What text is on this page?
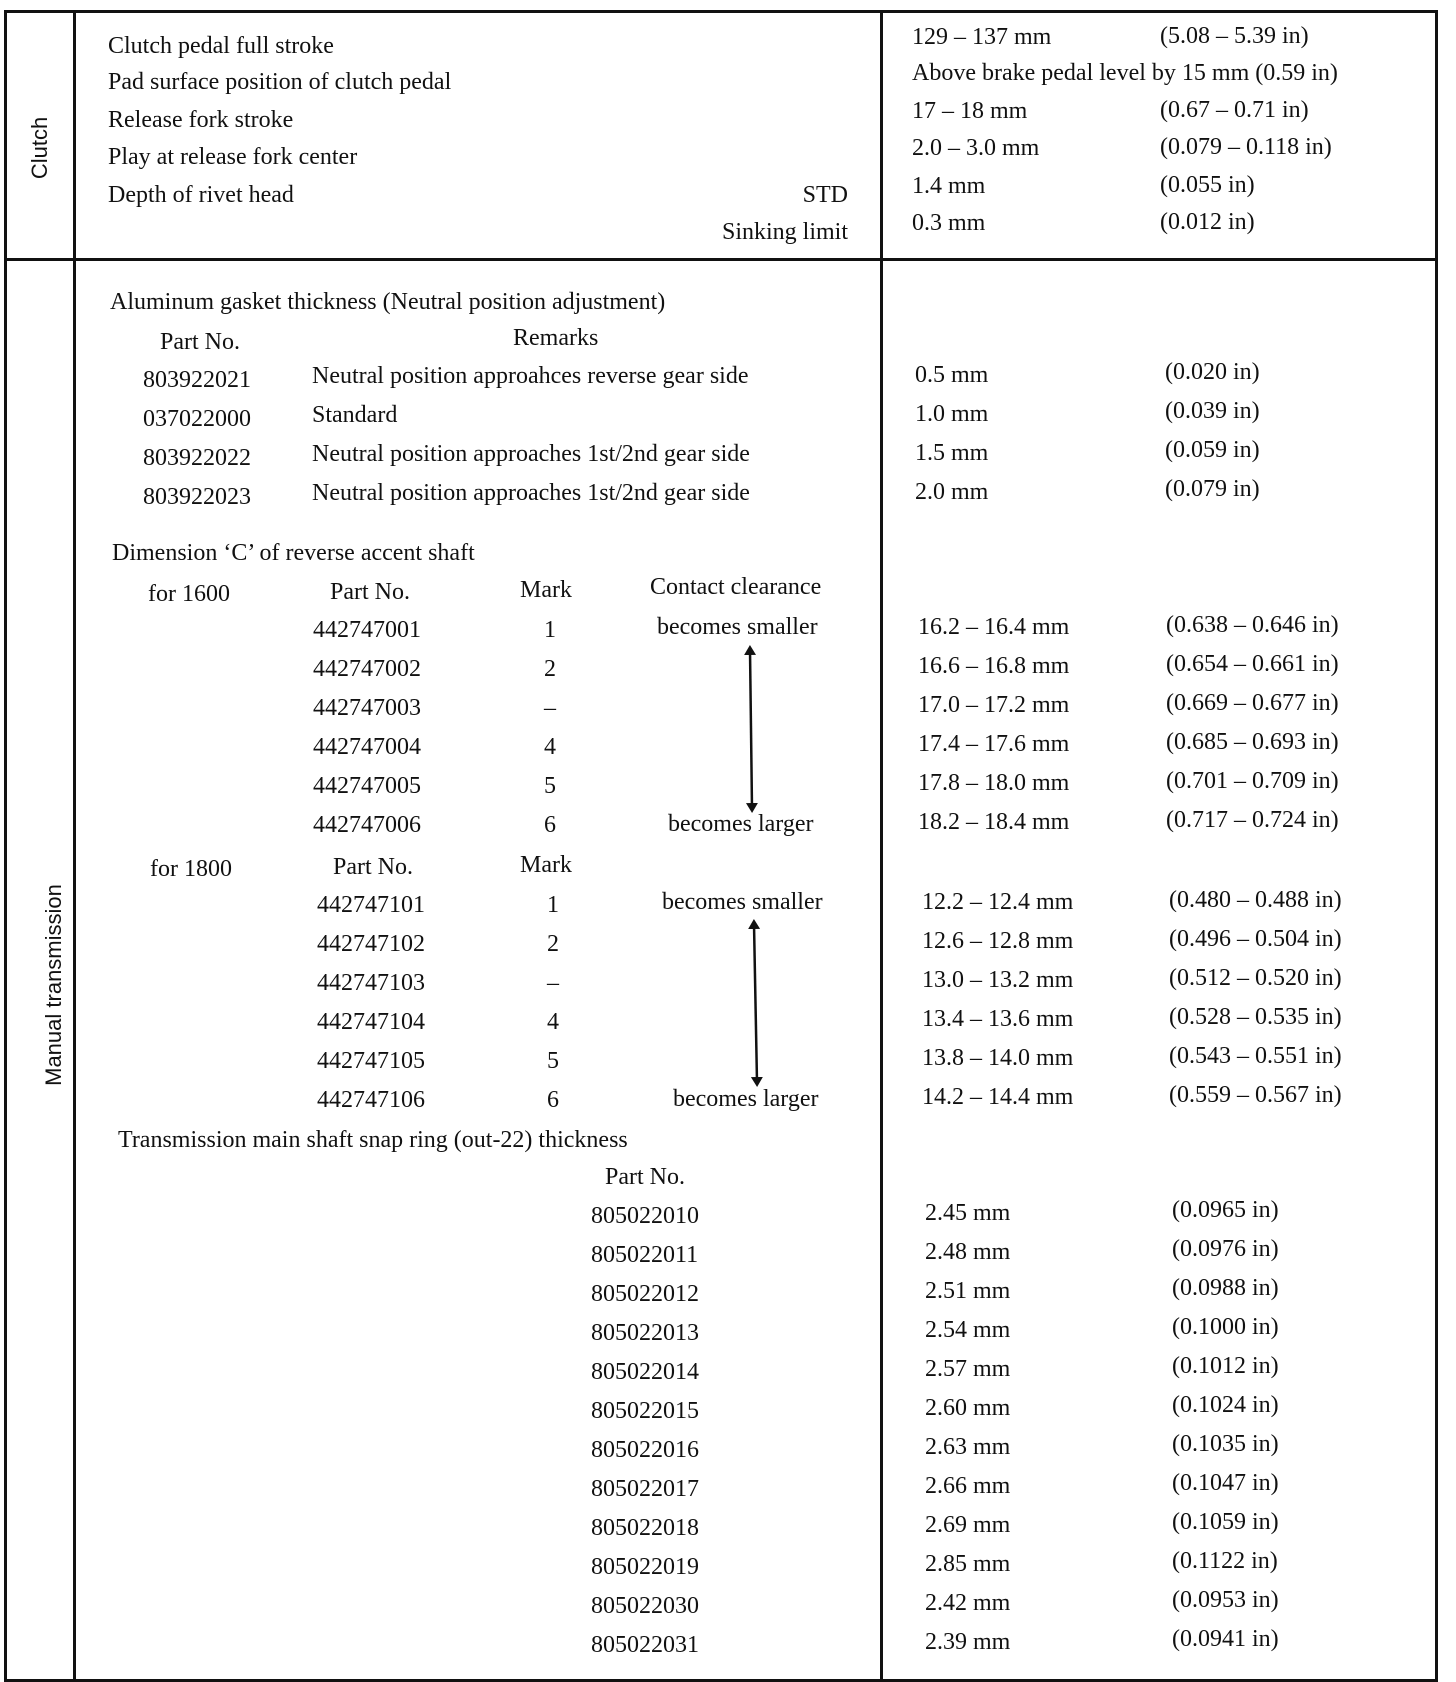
Clutch
Manual transmission
Clutch pedal full stroke	129 – 137 mm	(5.08 – 5.39 in)
Pad surface position of clutch pedal	Above brake pedal level by 15 mm (0.59 in)
Release fork stroke	17 – 18 mm	(0.67 – 0.71 in)
Play at release fork center	2.0 – 3.0 mm	(0.079 – 0.118 in)
Depth of rivet head	STD	1.4 mm	(0.055 in)
Sinking limit	0.3 mm	(0.012 in)
Aluminum gasket thickness (Neutral position adjustment)
Part No.	Remarks
803922021	Neutral position approahces reverse gear side	0.5 mm	(0.020 in)
037022000	Standard	1.0 mm	(0.039 in)
803922022	Neutral position approaches 1st/2nd gear side	1.5 mm	(0.059 in)
803922023	Neutral position approaches 1st/2nd gear side	2.0 mm	(0.079 in)
Dimension ‘C’ of reverse accent shaft
Contact clearance
for 1600	Part No.	Mark
442747001	1	16.2 – 16.4 mm	(0.638 – 0.646 in)
442747002	2	16.6 – 16.8 mm	(0.654 – 0.661 in)
442747003	–	17.0 – 17.2 mm	(0.669 – 0.677 in)
442747004	4	17.4 – 17.6 mm	(0.685 – 0.693 in)
442747005	5	17.8 – 18.0 mm	(0.701 – 0.709 in)
442747006	6	18.2 – 18.4 mm	(0.717 – 0.724 in)
becomes smaller
becomes larger
for 1800	Part No.	Mark
442747101	1	12.2 – 12.4 mm	(0.480 – 0.488 in)
442747102	2	12.6 – 12.8 mm	(0.496 – 0.504 in)
442747103	–	13.0 – 13.2 mm	(0.512 – 0.520 in)
442747104	4	13.4 – 13.6 mm	(0.528 – 0.535 in)
442747105	5	13.8 – 14.0 mm	(0.543 – 0.551 in)
442747106	6	14.2 – 14.4 mm	(0.559 – 0.567 in)
becomes smaller
becomes larger
Transmission main shaft snap ring (out-22) thickness
Part No.
805022010	2.45 mm	(0.0965 in)
805022011	2.48 mm	(0.0976 in)
805022012	2.51 mm	(0.0988 in)
805022013	2.54 mm	(0.1000 in)
805022014	2.57 mm	(0.1012 in)
805022015	2.60 mm	(0.1024 in)
805022016	2.63 mm	(0.1035 in)
805022017	2.66 mm	(0.1047 in)
805022018	2.69 mm	(0.1059 in)
805022019	2.85 mm	(0.1122 in)
805022030	2.42 mm	(0.0953 in)
805022031	2.39 mm	(0.0941 in)
